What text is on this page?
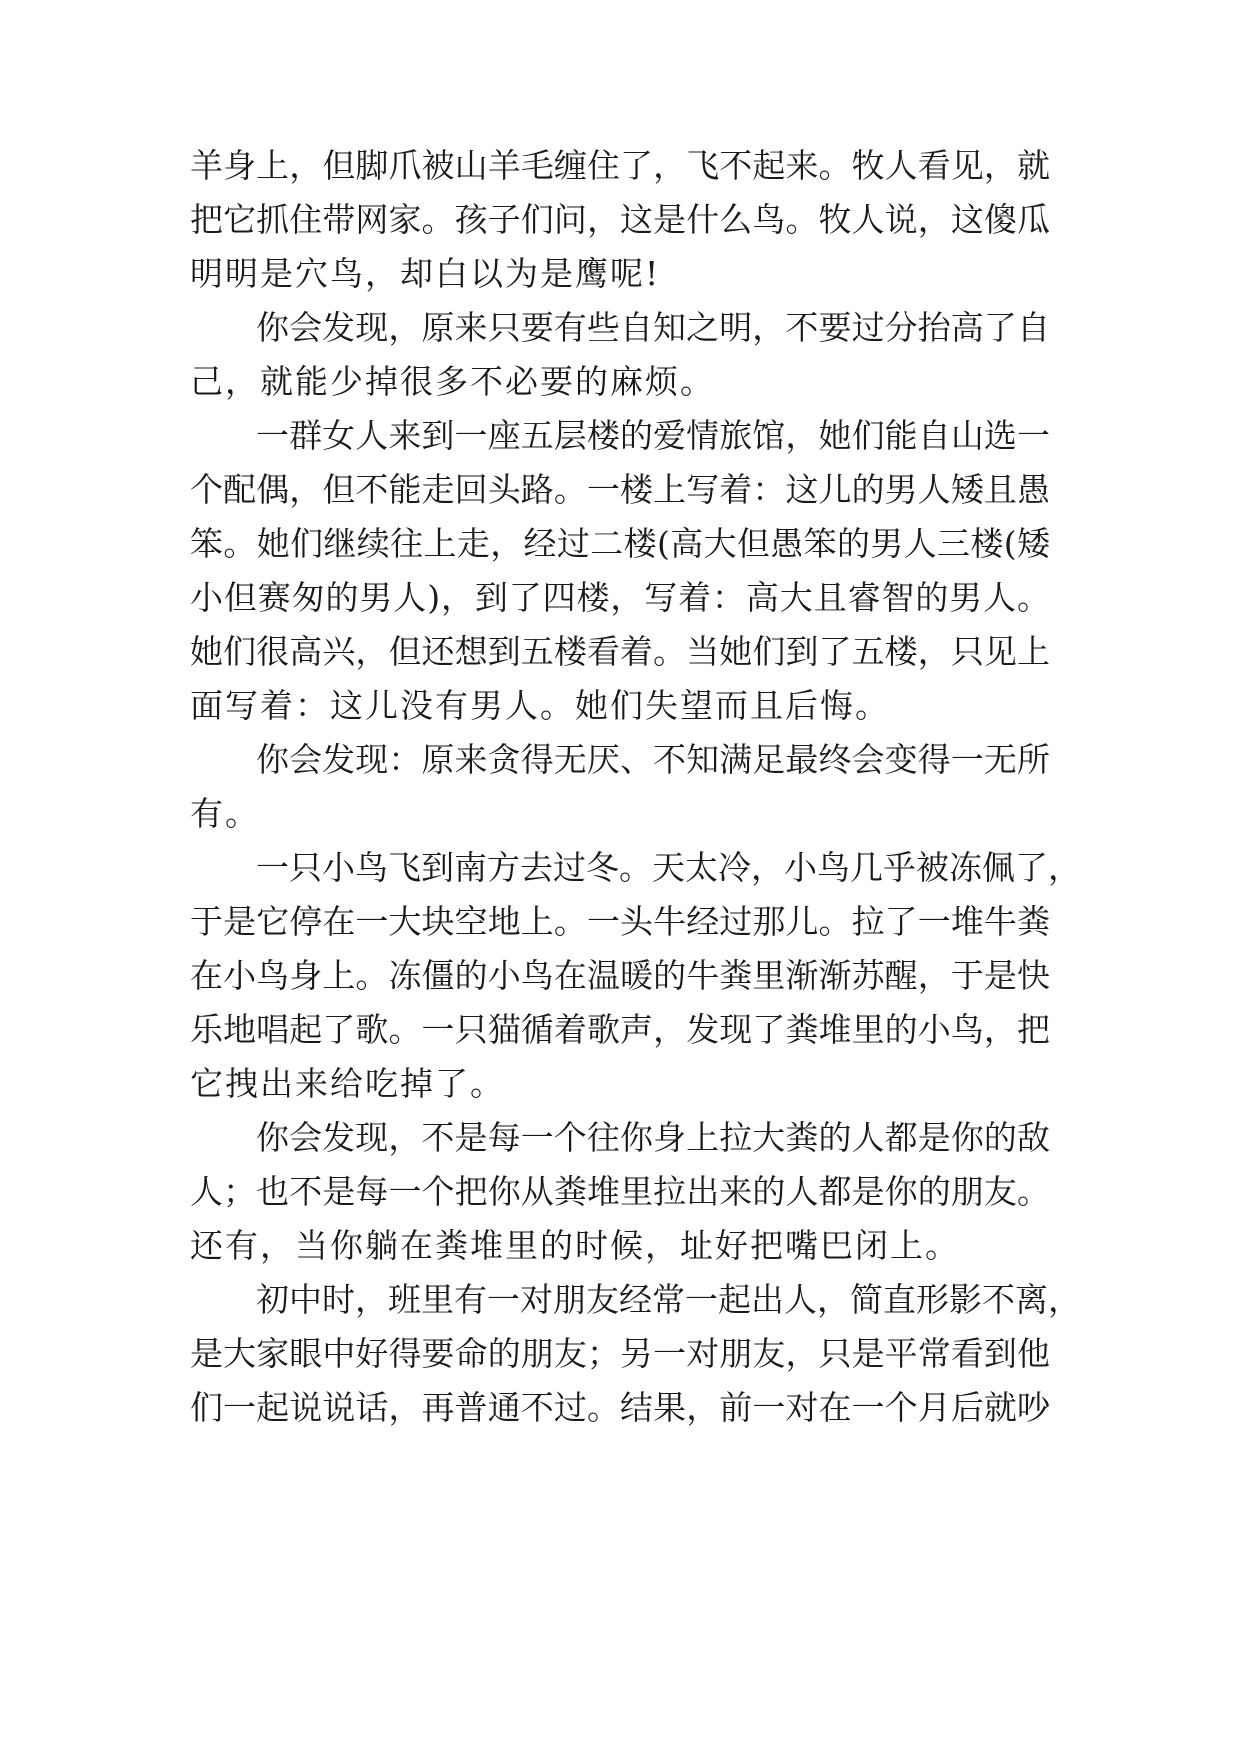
羊身上，但脚爪被山羊毛缠住了，飞不起来。牧人看见，就
把它抓住带网家。孩子们问，这是什么鸟。牧人说，这傻瓜
明明是穴鸟，却白以为是鹰呢!
你会发现，原来只要有些自知之明，不要过分抬高了自
己，就能少掉很多不必要的麻烦。
一群女人来到一座五层楼的爱情旅馆，她们能自山选一
个配偶，但不能走回头路。一楼上写着：这儿的男人矮且愚
笨。她们继续往上走，经过二楼(高大但愚笨的男人三楼(矮
小但赛匆的男人)，到了四楼，写着：高大且睿智的男人。
她们很高兴，但还想到五楼看着。当她们到了五楼，只见上
面写着：这儿没有男人。她们失望而且后悔。
你会发现：原来贪得无厌、不知满足最终会变得一无所
有。
一只小鸟飞到南方去过冬。天太冷，小鸟几乎被冻佩了，
于是它停在一大块空地上。一头牛经过那儿。拉了一堆牛粪
在小鸟身上。冻僵的小鸟在温暖的牛粪里渐渐苏醒，于是快
乐地唱起了歌。一只猫循着歌声，发现了粪堆里的小鸟，把
它拽出来给吃掉了。
你会发现，不是每一个往你身上拉大粪的人都是你的敌
人；也不是每一个把你从粪堆里拉出来的人都是你的朋友。
还有，当你躺在粪堆里的时候，址好把嘴巴闭上。
初中时，班里有一对朋友经常一起出人，简直形影不离，
是大家眼中好得要命的朋友；另一对朋友，只是平常看到他
们一起说说话，再普通不过。结果，前一对在一个月后就吵
